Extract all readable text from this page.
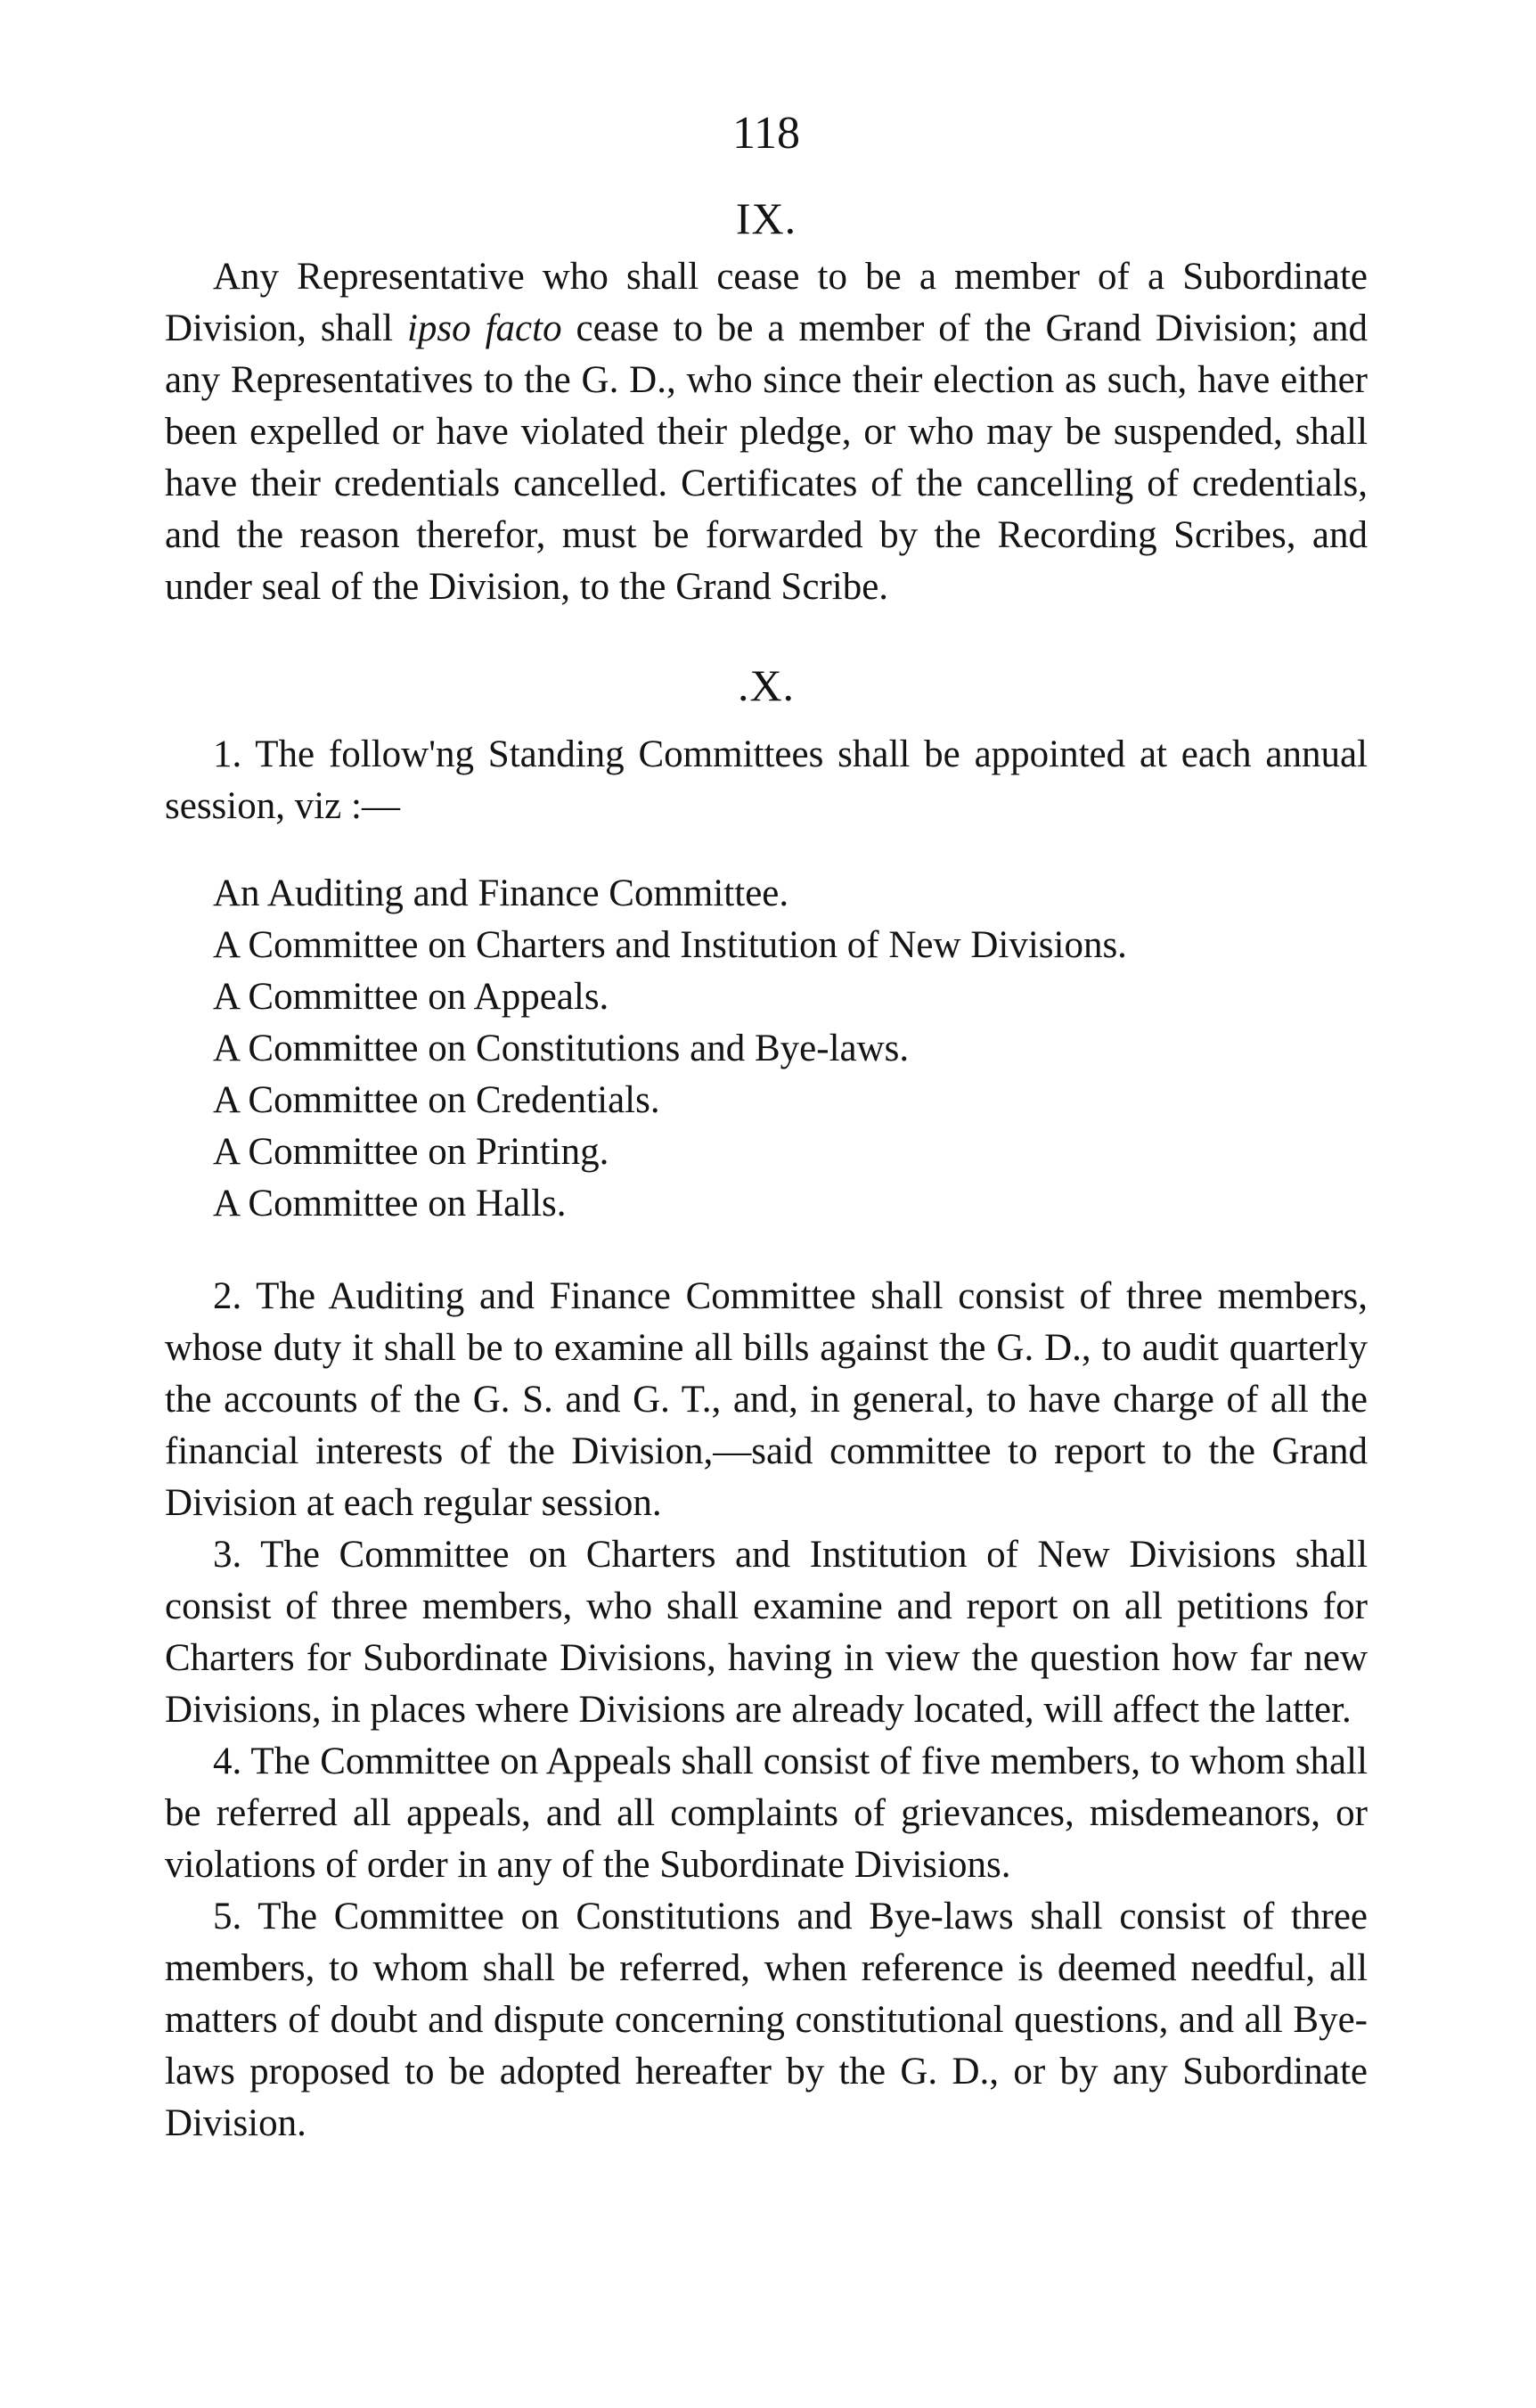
118
IX.

Any Representative who shall cease to be a member of a Subordinate Division, shall ipso facto cease to be a member of the Grand Division; and any Representatives to the G. D., who since their election as such, have either been expelled or have violated their pledge, or who may be suspended, shall have their credentials cancelled. Certificates of the cancelling of credentials, and the reason therefor, must be forwarded by the Recording Scribes, and under seal of the Division, to the Grand Scribe.

.X.

1. The follow'ng Standing Committees shall be appointed at each annual session, viz :—

An Auditing and Finance Committee.
A Committee on Charters and Institution of New Divisions.
A Committee on Appeals.
A Committee on Constitutions and Bye-laws.
A Committee on Credentials.
A Committee on Printing.
A Committee on Halls.

2. The Auditing and Finance Committee shall consist of three members, whose duty it shall be to examine all bills against the G. D., to audit quarterly the accounts of the G. S. and G. T., and, in general, to have charge of all the financial interests of the Division,—said committee to report to the Grand Division at each regular session.

3. The Committee on Charters and Institution of New Divisions shall consist of three members, who shall examine and report on all petitions for Charters for Subordinate Divisions, having in view the question how far new Divisions, in places where Divisions are already located, will affect the latter.

4. The Committee on Appeals shall consist of five members, to whom shall be referred all appeals, and all complaints of grievances, misdemeanors, or violations of order in any of the Subordinate Divisions.

5. The Committee on Constitutions and Bye-laws shall consist of three members, to whom shall be referred, when reference is deemed needful, all matters of doubt and dispute concerning constitutional questions, and all Bye-laws proposed to be adopted hereafter by the G. D., or by any Subordinate Division.
